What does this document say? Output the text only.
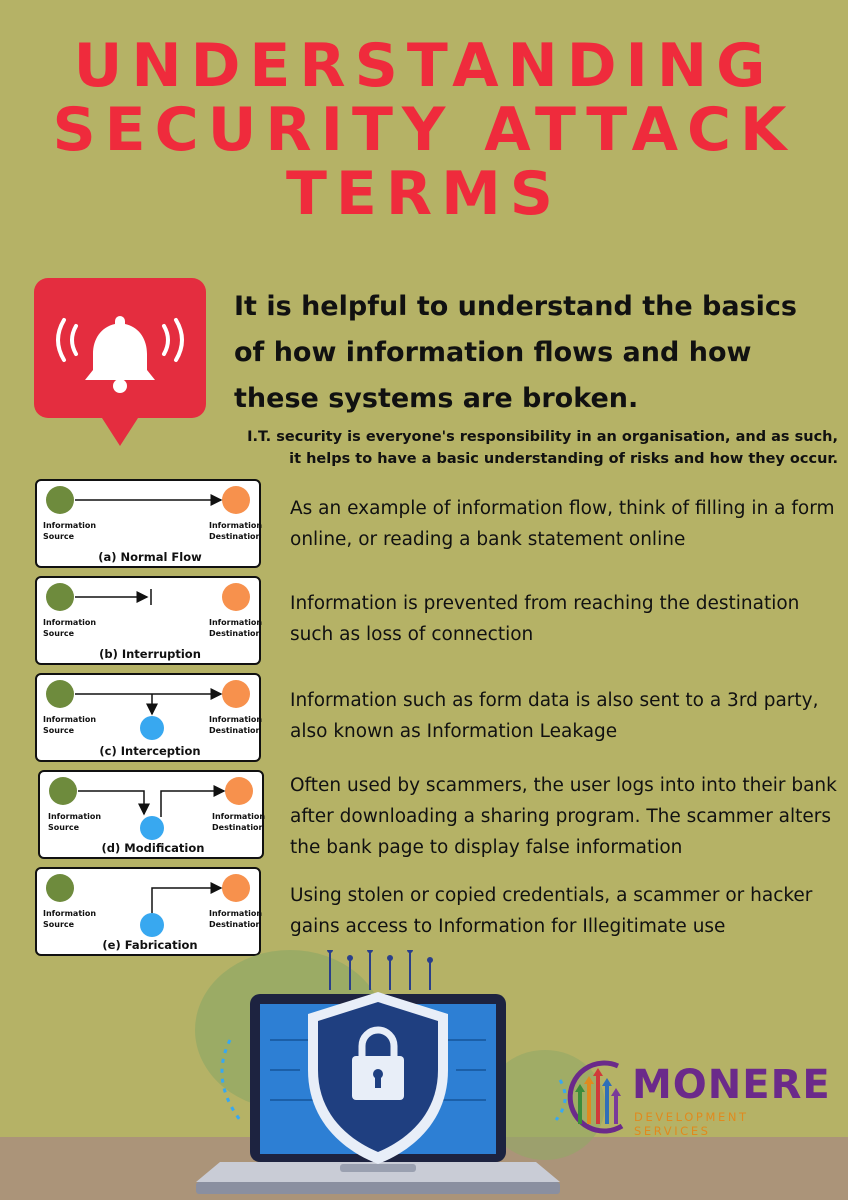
UNDERSTANDING
SECURITY ATTACK
TERMS
It is helpful to understand the basics of how information flows and how these systems are broken.
I.T. security is everyone's responsibility in an organisation, and as such,
it helps to have a basic understanding of risks and how they occur.
Information Source
Information Destination
(a) Normal Flow
As an example of information flow, think of filling in a form online, or reading a bank statement online
Information Source
Information Destination
(b) Interruption
Information is prevented from reaching the destination such as loss of connection
Information Source
Information Destination
(c) Interception
Information such as form data is also sent to a 3rd party, also known as Information Leakage
Information Source
Information Destination
(d) Modification
Often used by scammers, the user logs into into their bank after downloading a sharing program. The scammer alters the bank page to display false information
Information Source
Information Destination
(e) Fabrication
Using stolen or copied credentials, a scammer or hacker gains access to Information for Illegitimate use
MONERE
DEVELOPMENT SERVICES
